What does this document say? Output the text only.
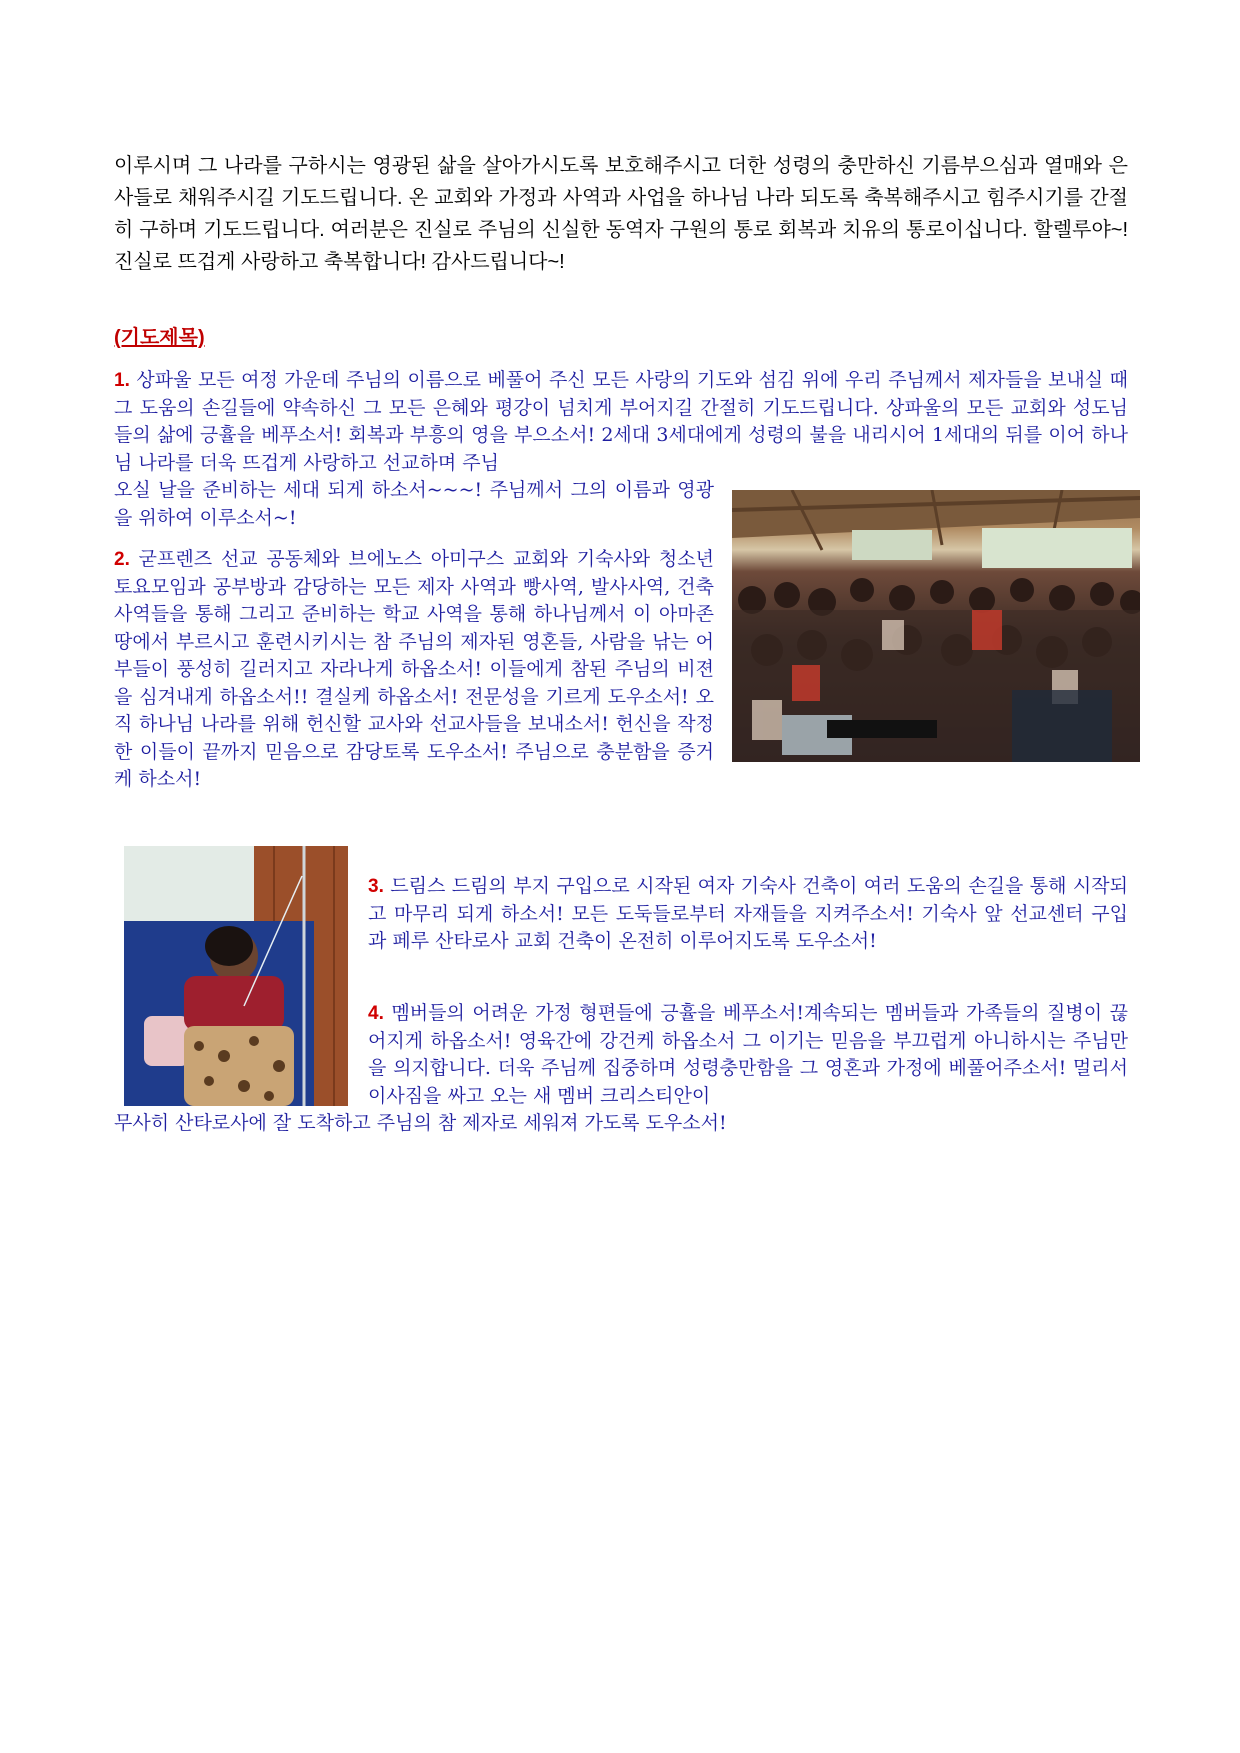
이루시며 그 나라를 구하시는 영광된 삶을 살아가시도록 보호해주시고 더한 성령의 충만하신 기름부으심과 열매와 은사들로 채워주시길 기도드립니다. 온 교회와 가정과 사역과 사업을 하나님 나라 되도록 축복해주시고 힘주시기를 간절히 구하며 기도드립니다. 여러분은 진실로 주님의 신실한 동역자 구원의 통로 회복과 치유의 통로이십니다. 할렐루야~! 진실로 뜨겁게 사랑하고 축복합니다! 감사드립니다~!

(기도제목)

1. 상파울 모든 여정 가운데 주님의 이름으로 베풀어 주신 모든 사랑의 기도와 섬김 위에 우리 주님께서 제자들을 보내실 때 그 도움의 손길들에 약속하신 그 모든 은혜와 평강이 넘치게 부어지길 간절히 기도드립니다. 상파울의 모든 교회와 성도님들의 삶에 긍휼을 베푸소서! 회복과 부흥의 영을 부으소서! 2세대 3세대에게 성령의 불을 내리시어 1세대의 뒤를 이어 하나님 나라를 더욱 뜨겁게 사랑하고 선교하며 주님

오실 날을 준비하는 세대 되게 하소서~~~! 주님께서 그의 이름과 영광을 위하여 이루소서~!

2. 굳프렌즈 선교 공동체와 브에노스 아미구스 교회와 기숙사와 청소년 토요모임과 공부방과 감당하는 모든 제자 사역과 빵사역, 발사사역, 건축사역들을 통해 그리고 준비하는 학교 사역을 통해 하나님께서 이 아마존 땅에서 부르시고 훈련시키시는 참 주님의 제자된 영혼들, 사람을 낚는 어부들이 풍성히 길러지고 자라나게 하옵소서! 이들에게 참된 주님의 비젼을 심겨내게 하옵소서!! 결실케 하옵소서! 전문성을 기르게 도우소서! 오직 하나님 나라를 위해 헌신할 교사와 선교사들을 보내소서! 헌신을 작정한 이들이 끝까지 믿음으로 감당토록 도우소서! 주님으로 충분함을 증거케 하소서!

3. 드림스 드림의 부지 구입으로 시작된 여자 기숙사 건축이 여러 도움의 손길을 통해 시작되고 마무리 되게 하소서! 모든 도둑들로부터 자재들을 지켜주소서! 기숙사 앞 선교센터 구입과 페루 산타로사 교회 건축이 온전히 이루어지도록 도우소서!

4. 멤버들의 어려운 가정 형편들에 긍휼을 베푸소서!계속되는 멤버들과 가족들의 질병이 끊어지게 하옵소서! 영육간에 강건케 하옵소서 그 이기는 믿음을 부끄럽게 아니하시는 주님만을 의지합니다. 더욱 주님께 집중하며 성령충만함을 그 영혼과 가정에 베풀어주소서! 멀리서 이사짐을 싸고 오는 새 멤버 크리스티안이

무사히 산타로사에 잘 도착하고 주님의 참 제자로 세워져 가도록 도우소서!
